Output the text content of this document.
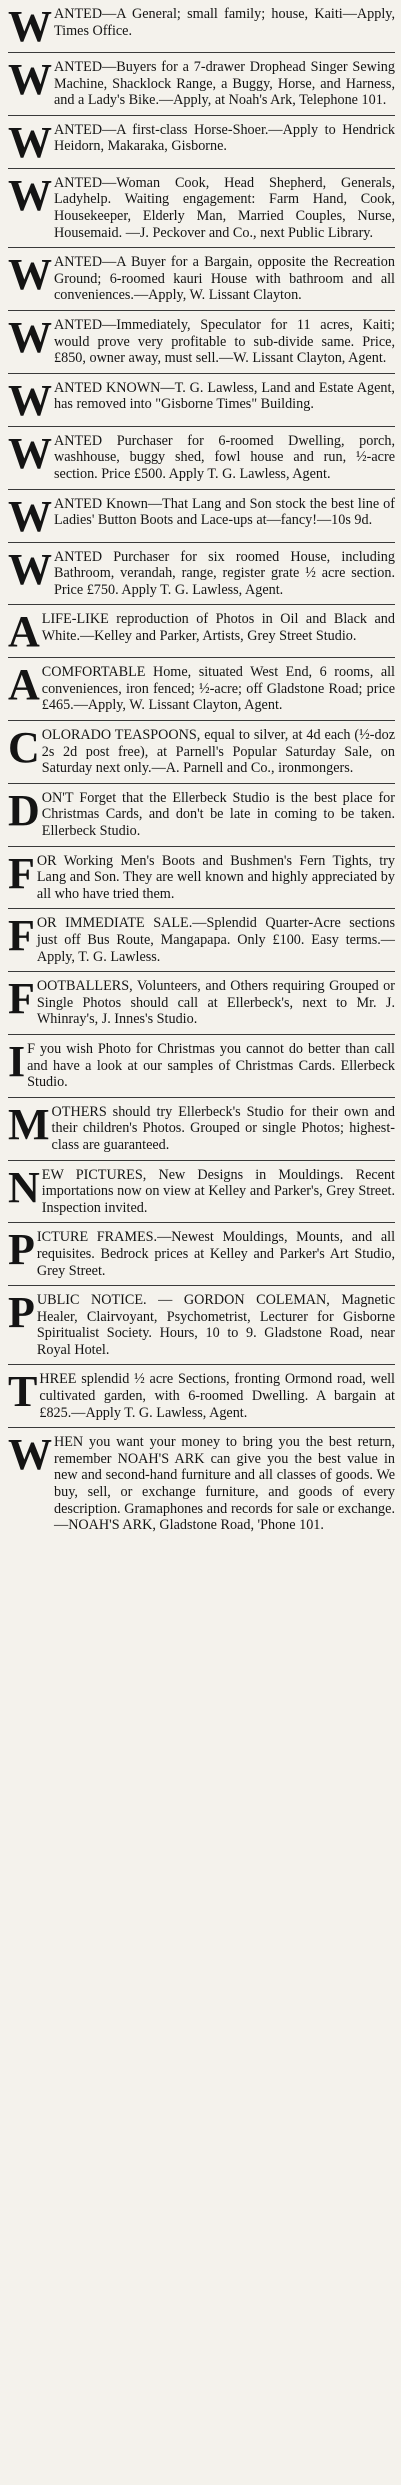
W ANTED—A General; small family; house, Kaiti—Apply, Times Office.
W ANTED—Buyers for a 7-drawer Drophead Singer Sewing Machine, Shacklock Range, a Buggy, Horse, and Harness, and a Lady's Bike.—Apply, at Noah's Ark, Telephone 101.
W ANTED—A first-class Horse-Shoer.—Apply to Hendrick Heidorn, Makaraka, Gisborne.
W ANTED—Woman Cook, Head Shepherd, Generals, Ladyhelp. Waiting engagement: Farm Hand, Cook, Housekeeper, Elderly Man, Married Couples, Nurse, Housemaid. —J. Peckover and Co., next Public Library.
W ANTED—A Buyer for a Bargain, opposite the Recreation Ground; 6-roomed kauri House with bathroom and all conveniences.—Apply, W. Lissant Clayton.
W ANTED—Immediately, Speculator for 11 acres, Kaiti; would prove very profitable to sub-divide same. Price, £850, owner away, must sell.—W. Lissant Clayton, Agent.
W ANTED KNOWN—T. G. Lawless, Land and Estate Agent, has removed into "Gisborne Times" Building.
W ANTED Purchaser for 6-roomed Dwelling, porch, washhouse, buggy shed, fowl house and run, ½-acre section. Price £500. Apply T. G. Lawless, Agent.
W ANTED Known—That Lang and Son stock the best line of Ladies' Button Boots and Lace-ups at—fancy!—10s 9d.
W ANTED Purchaser for six roomed House, including Bathroom, verandah, range, register grate ½ acre section. Price £750. Apply T. G. Lawless, Agent.
A LIFE-LIKE reproduction of Photos in Oil and Black and White.—Kelley and Parker, Artists, Grey Street Studio.
A COMFORTABLE Home, situated West End, 6 rooms, all conveniences, iron fenced; ½-acre; off Gladstone Road; price £465.—Apply, W. Lissant Clayton, Agent.
C OLORADO TEASPOONS, equal to silver, at 4d each (½-doz 2s 2d post free), at Parnell's Popular Saturday Sale, on Saturday next only.—A. Parnell and Co., ironmongers.
D ON'T Forget that the Ellerbeck Studio is the best place for Christmas Cards, and don't be late in coming to be taken. Ellerbeck Studio.
F OR Working Men's Boots and Bushmen's Fern Tights, try Lang and Son. They are well known and highly appreciated by all who have tried them.
F OR IMMEDIATE SALE.—Splendid Quarter-Acre sections just off Bus Route, Mangapapa. Only £100. Easy terms.—Apply, T. G. Lawless.
F OOTBALLERS, Volunteers, and Others requiring Grouped or Single Photos should call at Ellerbeck's, next to Mr. J. Whinray's, J. Innes's Studio.
I F you wish Photo for Christmas you cannot do better than call and have a look at our samples of Christmas Cards. Ellerbeck Studio.
M OTHERS should try Ellerbeck's Studio for their own and their children's Photos. Grouped or single Photos; highest-class are guaranteed.
N EW PICTURES, New Designs in Mouldings. Recent importations now on view at Kelley and Parker's, Grey Street. Inspection invited.
P ICTURE FRAMES.—Newest Mouldings, Mounts, and all requisites. Bedrock prices at Kelley and Parker's Art Studio, Grey Street.
P UBLIC NOTICE. — GORDON COLEMAN, Magnetic Healer, Clairvoyant, Psychometrist, Lecturer for Gisborne Spiritualist Society. Hours, 10 to 9. Gladstone Road, near Royal Hotel.
T HREE splendid ½ acre Sections, fronting Ormond road, well cultivated garden, with 6-roomed Dwelling. A bargain at £825.—Apply T. G. Lawless, Agent.
W HEN you want your money to bring you the best return, remember NOAH'S ARK can give you the best value in new and second-hand furniture and all classes of goods. We buy, sell, or exchange furniture, and goods of every description. Gramaphones and records for sale or exchange.—NOAH'S ARK, Gladstone Road, 'Phone 101.
